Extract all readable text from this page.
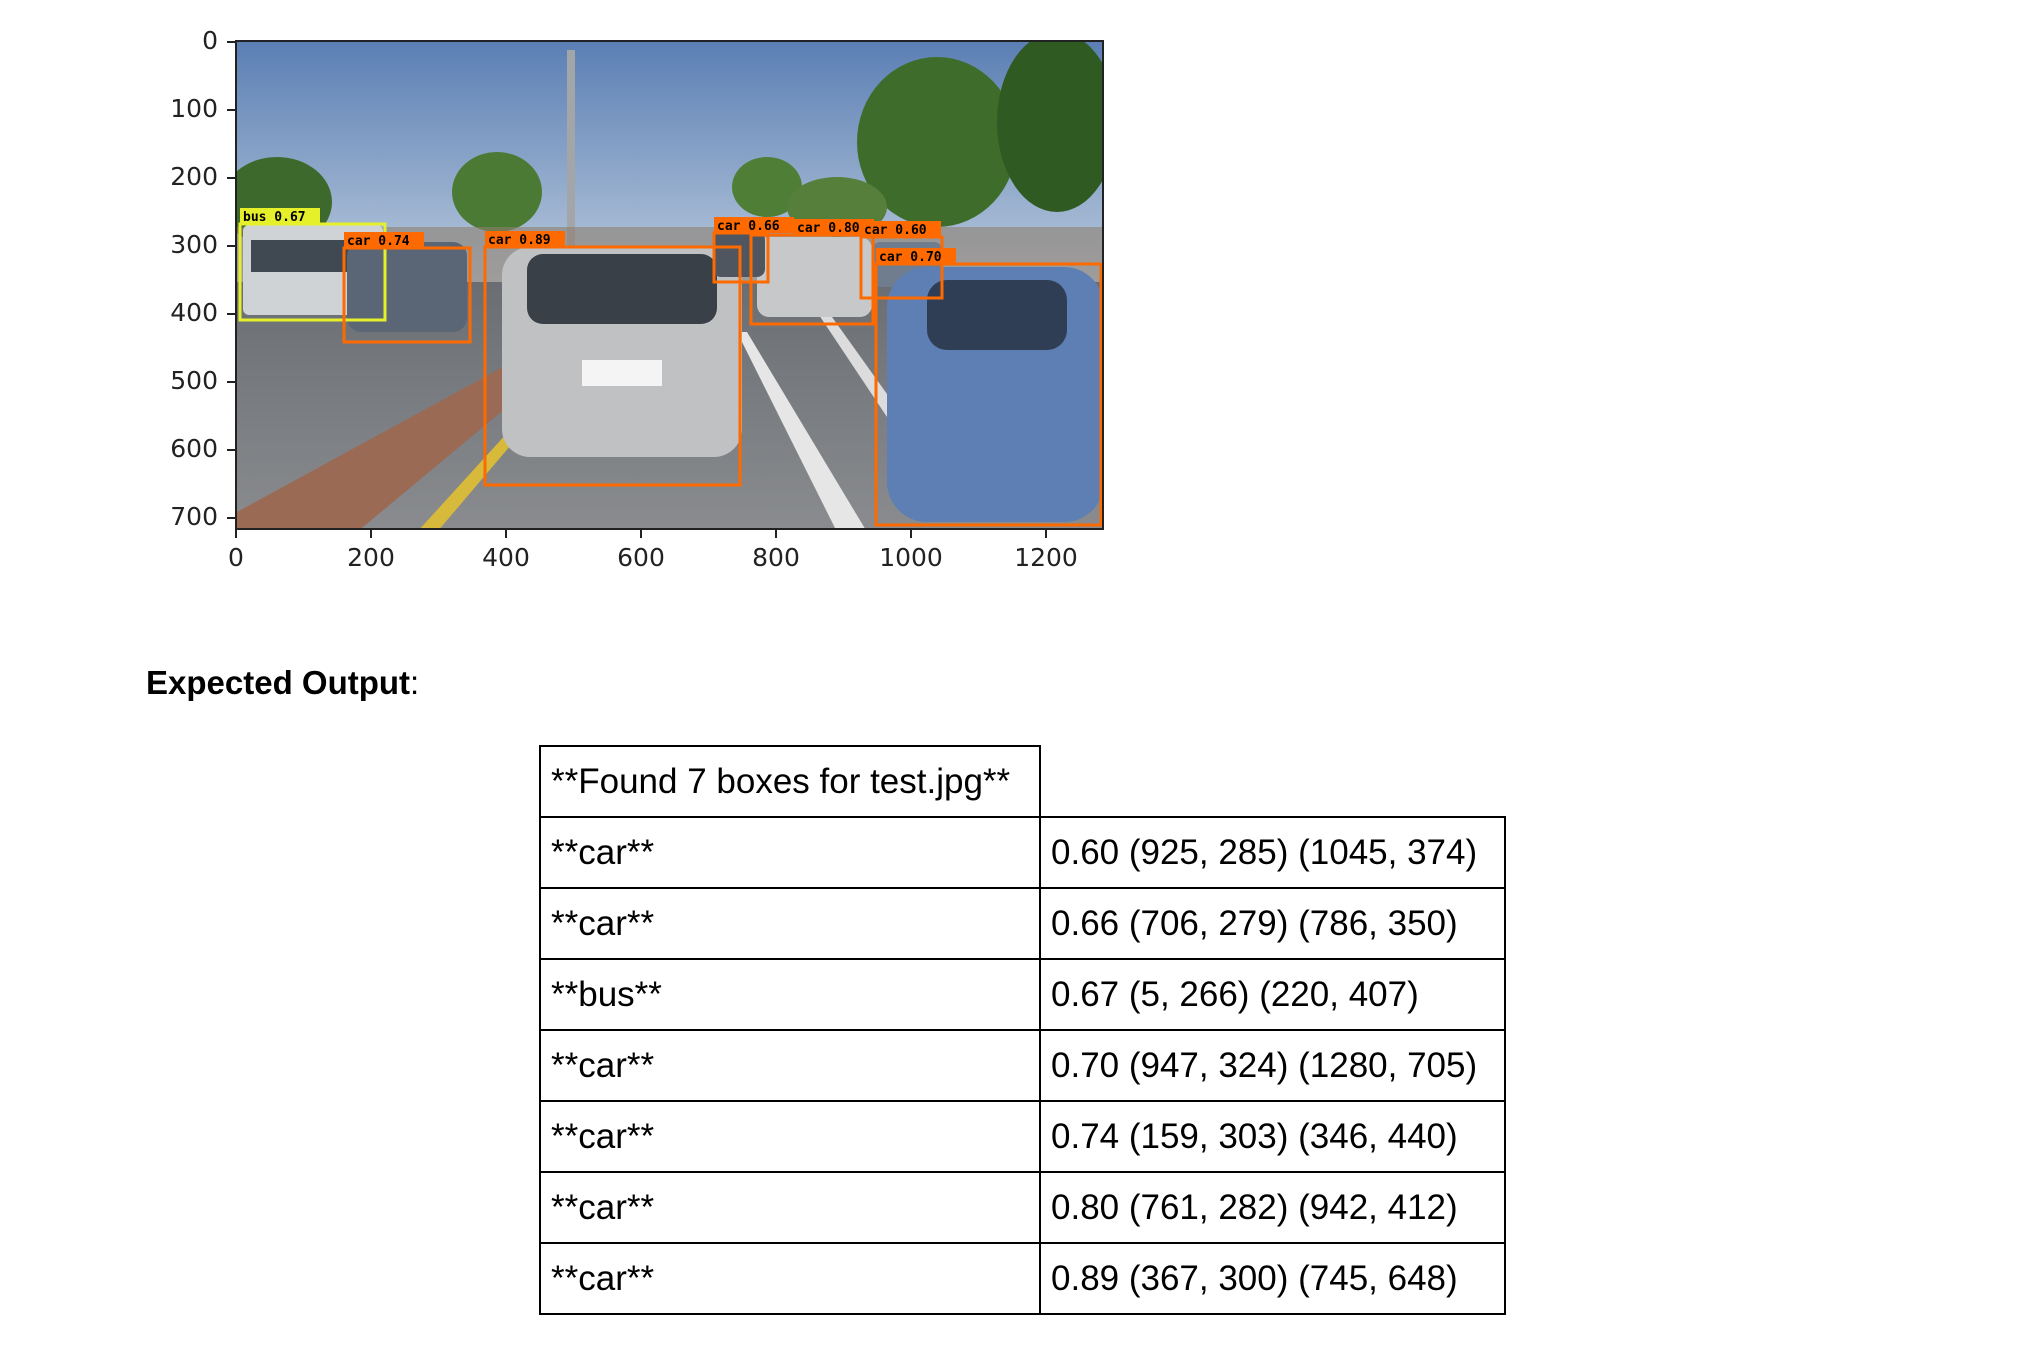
0
100
200
300
400
500
600
700
0	200	400	600	800	1000	1200
bus 0.67
car 0.74	car 0.89
car 0.66 car 0.80 car 0.60
car 0.70
Expected Output:
**Found 7 boxes for test.jpg**	
**car**	0.60 (925, 285) (1045, 374)
**car**	0.66 (706, 279) (786, 350)
**bus**	0.67 (5, 266) (220, 407)
**car**	0.70 (947, 324) (1280, 705)
**car**	0.74 (159, 303) (346, 440)
**car**	0.80 (761, 282) (942, 412)
**car**	0.89 (367, 300) (745, 648)
